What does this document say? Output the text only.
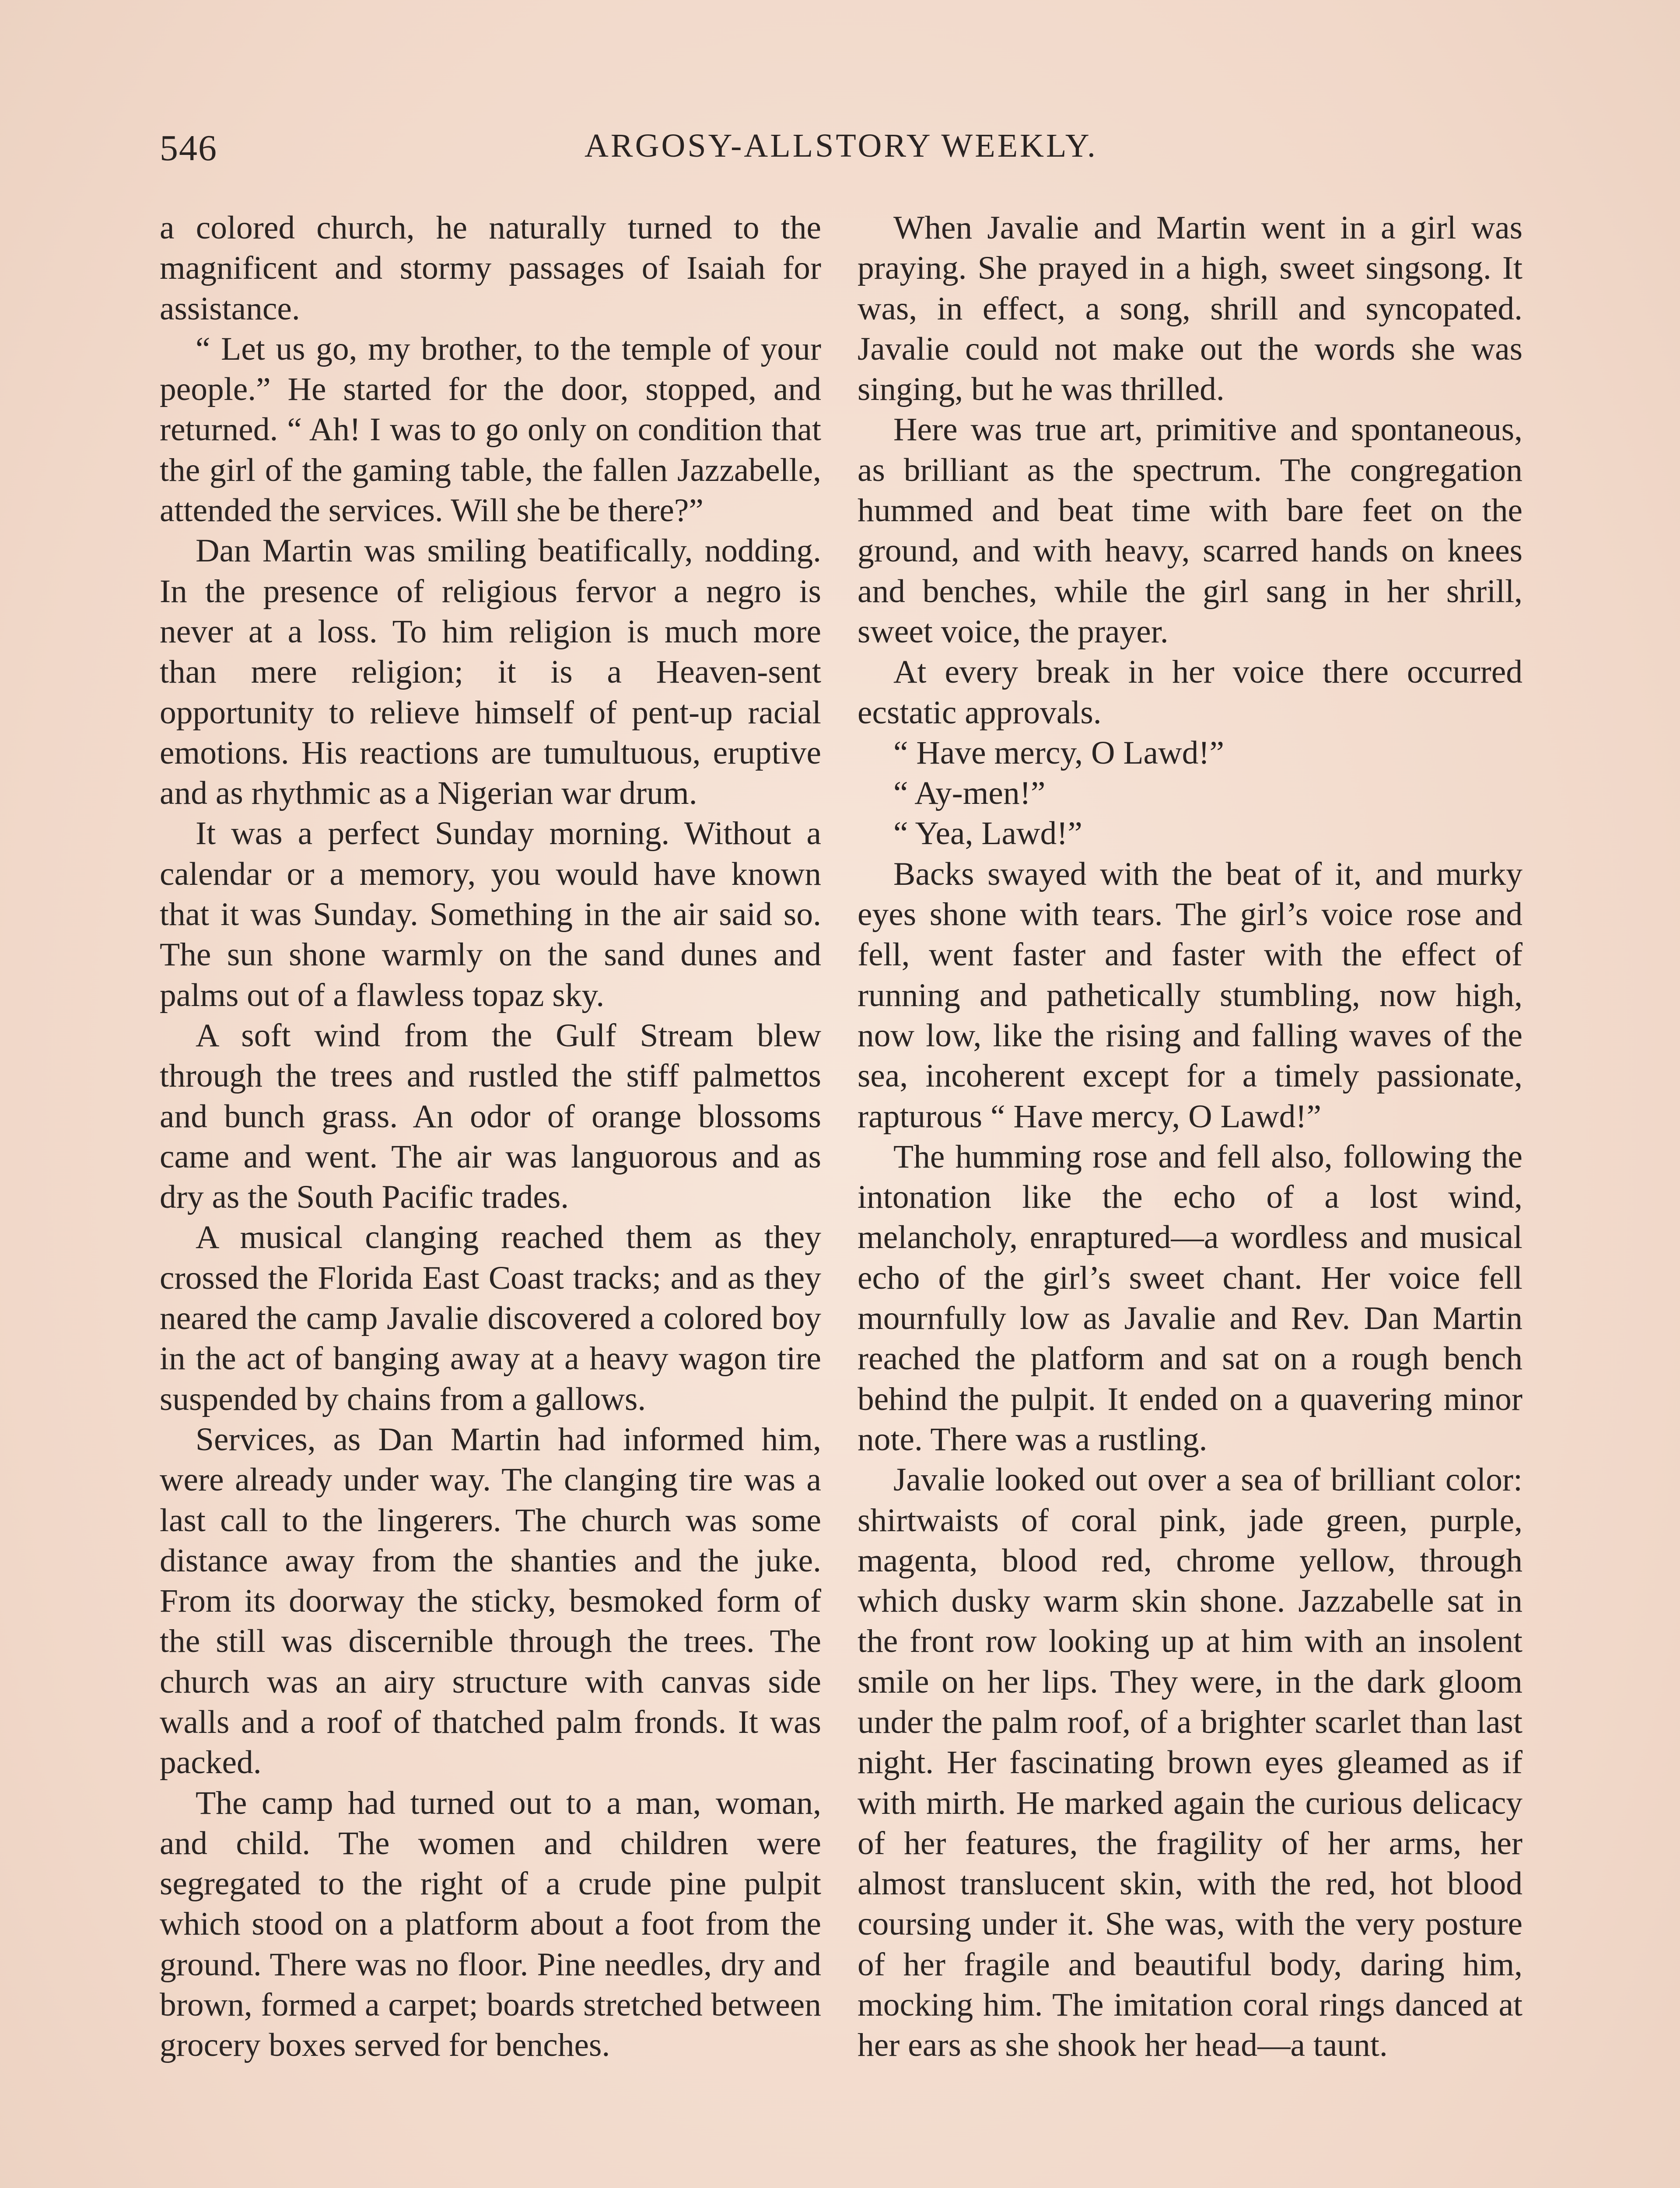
ARGOSY-ALLSTORY WEEKLY.
546

a colored church, he naturally turned to the magnificent and stormy passages of Isaiah for assistance.

“ Let us go, my brother, to the temple of your people.” He started for the door, stopped, and returned. “ Ah! I was to go only on condition that the girl of the gaming table, the fallen Jazzabelle, attended the services. Will she be there?”

Dan Martin was smiling beatifically, nodding. In the presence of religious fervor a negro is never at a loss. To him religion is much more than mere religion; it is a Heaven-sent opportunity to relieve himself of pent-up racial emotions. His reactions are tumultuous, eruptive and as rhythmic as a Nigerian war drum.

It was a perfect Sunday morning. Without a calendar or a memory, you would have known that it was Sunday. Something in the air said so. The sun shone warmly on the sand dunes and palms out of a flawless topaz sky.

A soft wind from the Gulf Stream blew through the trees and rustled the stiff palmettos and bunch grass. An odor of orange blossoms came and went. The air was languorous and as dry as the South Pacific trades.

A musical clanging reached them as they crossed the Florida East Coast tracks; and as they neared the camp Javalie discovered a colored boy in the act of banging away at a heavy wagon tire suspended by chains from a gallows.

Services, as Dan Martin had informed him, were already under way. The clanging tire was a last call to the lingerers. The church was some distance away from the shanties and the juke. From its doorway the sticky, besmoked form of the still was discernible through the trees. The church was an airy structure with canvas side walls and a roof of thatched palm fronds. It was packed.

The camp had turned out to a man, woman, and child. The women and children were segregated to the right of a crude pine pulpit which stood on a platform about a foot from the ground. There was no floor. Pine needles, dry and brown, formed a carpet; boards stretched between grocery boxes served for benches.

When Javalie and Martin went in a girl was praying. She prayed in a high, sweet singsong. It was, in effect, a song, shrill and syncopated. Javalie could not make out the words she was singing, but he was thrilled.

Here was true art, primitive and spontaneous, as brilliant as the spectrum. The congregation hummed and beat time with bare feet on the ground, and with heavy, scarred hands on knees and benches, while the girl sang in her shrill, sweet voice, the prayer.

At every break in her voice there occurred ecstatic approvals.

“ Have mercy, O Lawd!”

“ Ay-men!”

“ Yea, Lawd!”

Backs swayed with the beat of it, and murky eyes shone with tears. The girl’s voice rose and fell, went faster and faster with the effect of running and pathetically stumbling, now high, now low, like the rising and falling waves of the sea, incoherent except for a timely passionate, rapturous “ Have mercy, O Lawd!”

The humming rose and fell also, following the intonation like the echo of a lost wind, melancholy, enraptured—a wordless and musical echo of the girl’s sweet chant. Her voice fell mournfully low as Javalie and Rev. Dan Martin reached the platform and sat on a rough bench behind the pulpit. It ended on a quavering minor note. There was a rustling.

Javalie looked out over a sea of brilliant color: shirtwaists of coral pink, jade green, purple, magenta, blood red, chrome yellow, through which dusky warm skin shone. Jazzabelle sat in the front row looking up at him with an insolent smile on her lips. They were, in the dark gloom under the palm roof, of a brighter scarlet than last night. Her fascinating brown eyes gleamed as if with mirth. He marked again the curious delicacy of her features, the fragility of her arms, her almost translucent skin, with the red, hot blood coursing under it. She was, with the very posture of her fragile and beautiful body, daring him, mocking him. The imitation coral rings danced at her ears as she shook her head—a taunt.
